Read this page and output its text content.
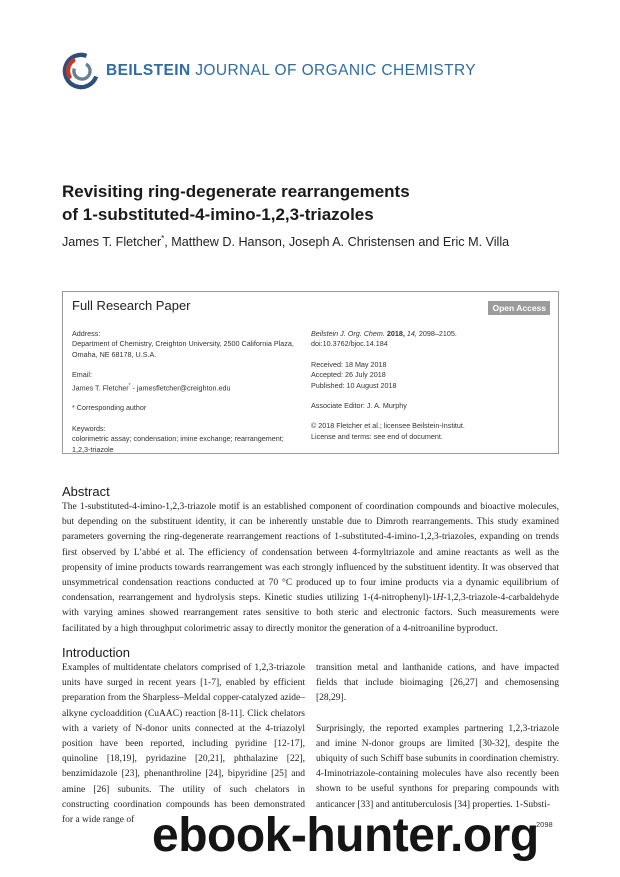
BEILSTEIN JOURNAL OF ORGANIC CHEMISTRY
Revisiting ring-degenerate rearrangements
of 1-substituted-4-imino-1,2,3-triazoles
James T. Fletcher*, Matthew D. Hanson, Joseph A. Christensen and Eric M. Villa
Full Research Paper	Open Access
Address:
Department of Chemistry, Creighton University, 2500 California Plaza,
Omaha, NE 68178, U.S.A.
Email:
James T. Fletcher* - jamesfletcher@creighton.edu
* Corresponding author
Keywords:
colorimetric assay; condensation; imine exchange; rearrangement;
1,2,3-triazole
Beilstein J. Org. Chem. 2018, 14, 2098–2105.
doi:10.3762/bjoc.14.184
Received: 18 May 2018
Accepted: 26 July 2018
Published: 10 August 2018
Associate Editor: J. A. Murphy
© 2018 Fletcher et al.; licensee Beilstein-Institut.
License and terms: see end of document.
Abstract
The 1-substituted-4-imino-1,2,3-triazole motif is an established component of coordination compounds and bioactive molecules, but depending on the substituent identity, it can be inherently unstable due to Dimroth rearrangements. This study examined parameters governing the ring-degenerate rearrangement reactions of 1-substituted-4-imino-1,2,3-triazoles, expanding on trends first observed by L’abbé et al. The efficiency of condensation between 4-formyltriazole and amine reactants as well as the propensity of imine products towards rearrangement was each strongly influenced by the substituent identity. It was observed that unsymmetrical condensation reactions conducted at 70 °C produced up to four imine products via a dynamic equilibrium of condensation, rearrangement and hydrolysis steps. Kinetic studies utilizing 1-(4-nitrophenyl)-1H-1,2,3-triazole-4-carbaldehyde with varying amines showed rearrangement rates sensitive to both steric and electronic factors. Such measurements were facilitated by a high throughput colorimetric assay to directly monitor the generation of a 4-nitroaniline byproduct.
Introduction
Examples of multidentate chelators comprised of 1,2,3-triazole units have surged in recent years [1-7], enabled by efficient preparation from the Sharpless–Meldal copper-catalyzed azide–alkyne cycloaddition (CuAAC) reaction [8-11]. Click chelators with a variety of N-donor units connected at the 4-triazolyl position have been reported, including pyridine [12-17], quinoline [18,19], pyridazine [20,21], phthalazine [22], benzimidazole [23], phenanthroline [24], bipyridine [25] and amine [26] subunits. The utility of such chelators in constructing coordination compounds has been demonstrated for a wide range of
transition metal and lanthanide cations, and have impacted fields that include bioimaging [26,27] and chemosensing [28,29].
Surprisingly, the reported examples partnering 1,2,3-triazole and imine N-donor groups are limited [30-32], despite the ubiquity of such Schiff base subunits in coordination chemistry. 4-Iminotriazole-containing molecules have also recently been shown to be useful synthons for preparing compounds with anticancer [33] and antituberculosis [34] properties. 1-Substi-
2098
ebook-hunter.org
